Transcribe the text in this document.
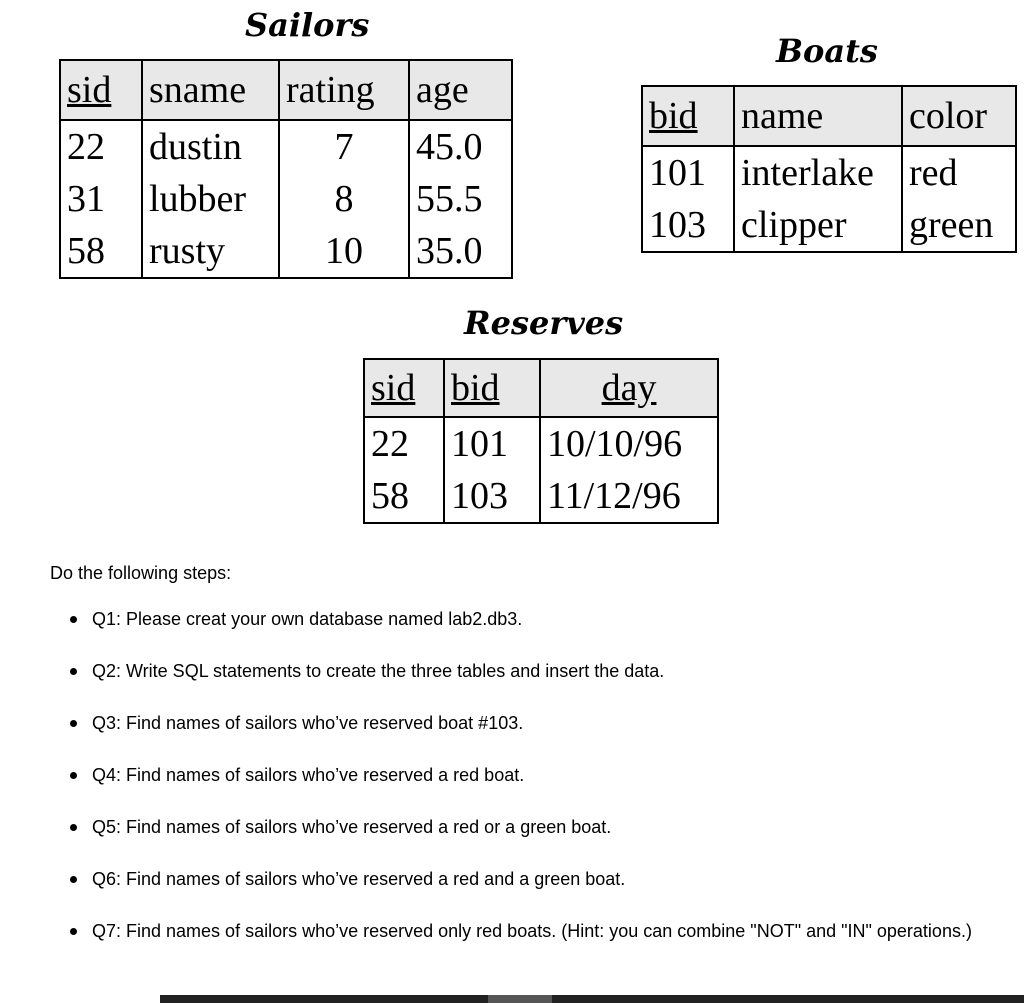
Sailors
sid	sname	rating	age
22	dustin	7	45.0
31	lubber	8	55.5
58	rusty	10	35.0
Boats
bid	name	color
101	interlake	red
103	clipper	green
Reserves
sid	bid	day
22	101	10/10/96
58	103	11/12/96

Do the following steps:

Q1: Please creat your own database named lab2.db3.
Q2: Write SQL statements to create the three tables and insert the data.
Q3: Find names of sailors who’ve reserved boat #103.
Q4: Find names of sailors who’ve reserved a red boat.
Q5: Find names of sailors who’ve reserved a red or a green boat.
Q6: Find names of sailors who’ve reserved a red and a green boat.
Q7: Find names of sailors who’ve reserved only red boats. (Hint: you can combine "NOT" and "IN" operations.)
